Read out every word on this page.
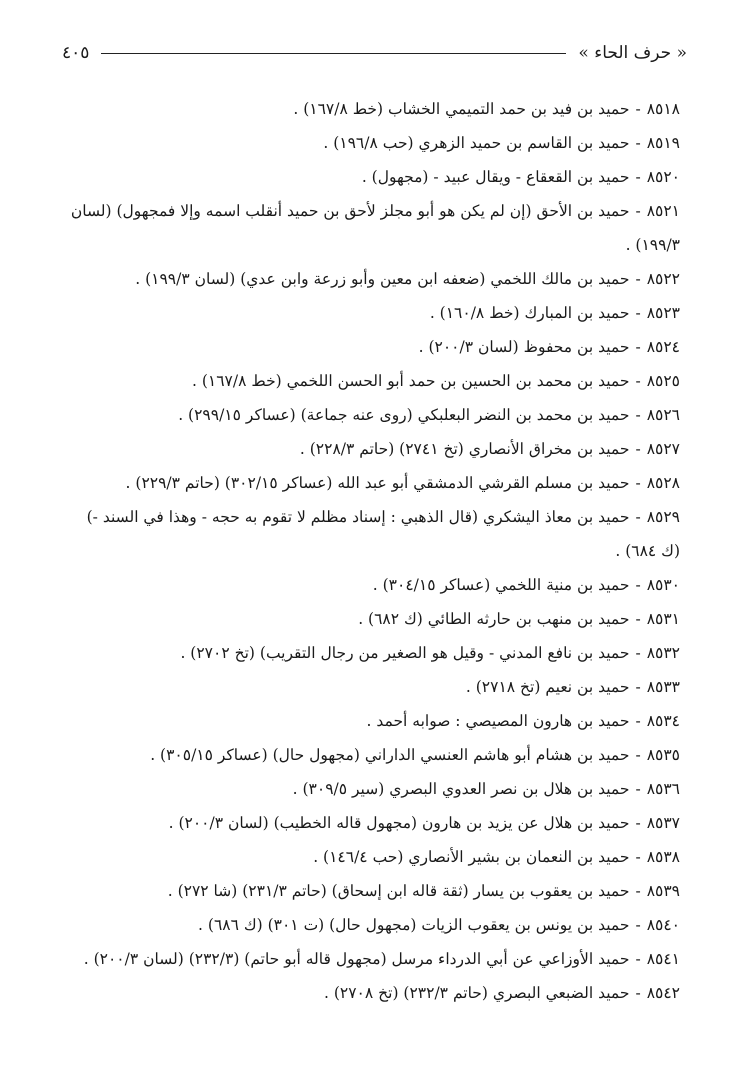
« حرف الحاء »
٤٠٥
٨٥١٨-حميد بن فيد بن حمد التميمي الخشاب (خط ١٦٧/٨) .
٨٥١٩-حميد بن القاسم بن حميد الزهري (حب ١٩٦/٨) .
٨٥٢٠-حميد بن القعقاع - ويقال عبيد - (مجهول) .
٨٥٢١-حميد بن الأحق (إن لم يكن هو أبو مجلز لأحق بن حميد أنقلب اسمه وإلا فمجهول) (لسان ١٩٩/٣) .
٨٥٢٢-حميد بن مالك اللخمي (ضعفه ابن معين وأبو زرعة وابن عدي) (لسان ١٩٩/٣) .
٨٥٢٣-حميد بن المبارك (خط ١٦٠/٨) .
٨٥٢٤-حميد بن محفوظ (لسان ٢٠٠/٣) .
٨٥٢٥-حميد بن محمد بن الحسين بن حمد أبو الحسن اللخمي (خط ١٦٧/٨) .
٨٥٢٦-حميد بن محمد بن النضر البعلبكي (روى عنه جماعة) (عساكر ٢٩٩/١٥) .
٨٥٢٧-حميد بن مخراق الأنصاري (تخ ٢٧٤١) (حاتم ٢٢٨/٣) .
٨٥٢٨-حميد بن مسلم القرشي الدمشقي أبو عبد الله (عساكر ٣٠٢/١٥) (حاتم ٢٢٩/٣) .
٨٥٢٩-حميد بن معاذ اليشكري (قال الذهبي : إسناد مظلم لا تقوم به حجه - وهذا في السند -) (ك ٦٨٤) .
٨٥٣٠-حميد بن منية اللخمي (عساكر ٣٠٤/١٥) .
٨٥٣١-حميد بن منهب بن حارثه الطائي (ك ٦٨٢) .
٨٥٣٢-حميد بن نافع المدني - وقيل هو الصغير من رجال التقريب) (تخ ٢٧٠٢) .
٨٥٣٣-حميد بن نعيم (تخ ٢٧١٨) .
٨٥٣٤-حميد بن هارون المصيصي : صوابه أحمد .
٨٥٣٥-حميد بن هشام أبو هاشم العنسي الداراني (مجهول حال) (عساكر ٣٠٥/١٥) .
٨٥٣٦-حميد بن هلال بن نصر العدوي البصري (سير ٣٠٩/٥) .
٨٥٣٧-حميد بن هلال عن يزيد بن هارون (مجهول قاله الخطيب) (لسان ٢٠٠/٣) .
٨٥٣٨-حميد بن النعمان بن بشير الأنصاري (حب ١٤٦/٤) .
٨٥٣٩-حميد بن يعقوب بن يسار (ثقة قاله ابن إسحاق) (حاتم ٢٣١/٣) (شا ٢٧٢) .
٨٥٤٠-حميد بن يونس بن يعقوب الزيات (مجهول حال) (ت ٣٠١) (ك ٦٨٦) .
٨٥٤١-حميد الأوزاعي عن أبي الدرداء مرسل (مجهول قاله أبو حاتم) (٢٣٢/٣) (لسان ٢٠٠/٣) .
٨٥٤٢-حميد الضبعي البصري (حاتم ٢٣٢/٣) (تخ ٢٧٠٨) .
